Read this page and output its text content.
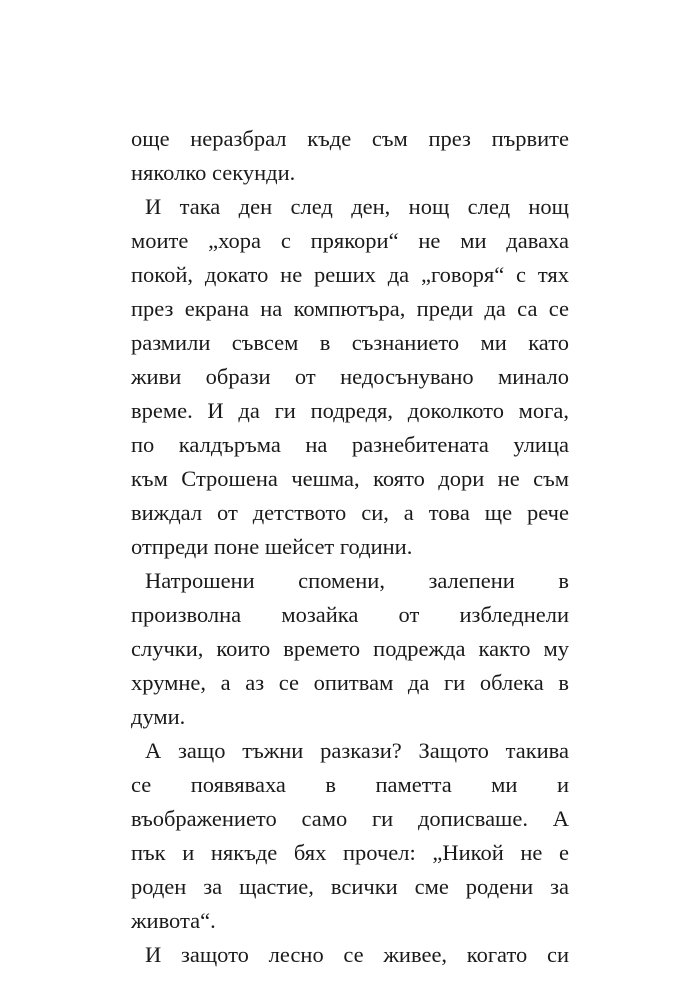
още неразбрал къде съм през първите
няколко секунди.
И така ден след ден, нощ след нощ
моите „хора с прякори“ не ми даваха
покой, докато не реших да „говоря“ с тях
през екрана на компютъра, преди да са се
размили съвсем в съзнанието ми като
живи образи от недосънувано минало
време. И да ги подредя, доколкото мога,
по калдъръма на разнебитената улица
към Строшена чешма, която дори не съм
виждал от детството си, а това ще рече
отпреди поне шейсет години.
Натрошени спомени, залепени в
произволна мозайка от избледнели
случки, които времето подрежда както му
хрумне, а аз се опитвам да ги облека в
думи.
А защо тъжни разкази? Защото такива
се появяваха в паметта ми и
въображението само ги дописваше. А
пък и някъде бях прочел: „Никой не е
роден за щастие, всички сме родени за
живота“.
И защото лесно се живее, когато си
